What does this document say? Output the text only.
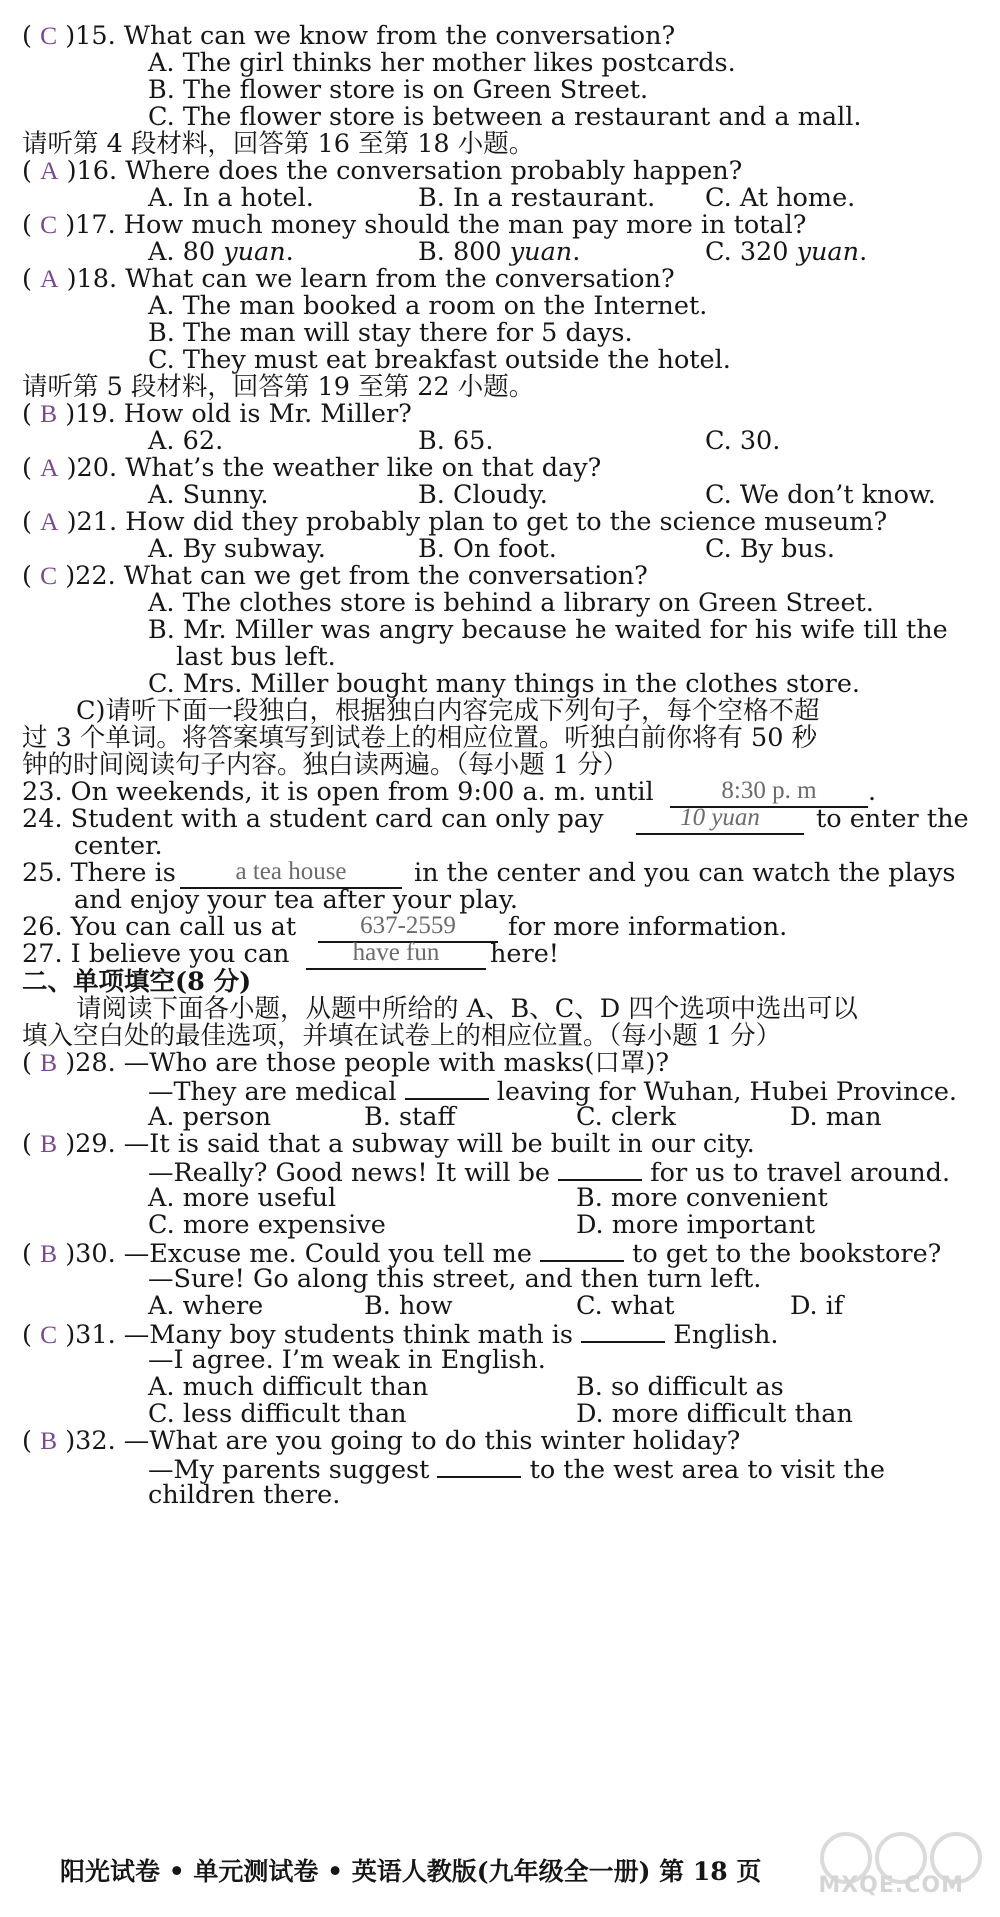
( C )15. What can we know from the conversation?
A. The girl thinks her mother likes postcards.
B. The flower store is on Green Street.
C. The flower store is between a restaurant and a mall.
请听第 4 段材料，回答第 16 至第 18 小题。
( A )16. Where does the conversation probably happen?
A. In a hotel.	B. In a restaurant. C. At home.
( C )17. How much money should the man pay more in total?
A. 80 yuan.	B. 800 yuan.	C. 320 yuan.
( A )18. What can we learn from the conversation?
A. The man booked a room on the Internet.
B. The man will stay there for 5 days.
C. They must eat breakfast outside the hotel.
请听第 5 段材料，回答第 19 至第 22 小题。
( B )19. How old is Mr. Miller?
A. 62.	B. 65.	C. 30.
( A )20. What’s the weather like on that day?
A. Sunny.	B. Cloudy.	C. We don’t know.
( A )21. How did they probably plan to get to the science museum?
A. By subway.	B. On foot.	C. By bus.
( C )22. What can we get from the conversation?
A. The clothes store is behind a library on Green Street.
B. Mr. Miller was angry because he waited for his wife till the
last bus left.
C. Mrs. Miller bought many things in the clothes store.
C)请听下面一段独白，根据独白内容完成下列句子，每个空格不超
过 3 个单词。将答案填写到试卷上的相应位置。听独白前你将有 50 秒
钟的时间阅读句子内容。独白读两遍。（每小题 1 分）
23. On weekends, it is open from 9:00 a. m. until	8:30 p. m	.
24. Student with a student card can only pay	10 yuan	to enter the
center.
25. There is	a tea house	in the center and you can watch the plays
and enjoy your tea after your play.
26. You can call us at	637-2559	for more information.
27. I believe you can	have fun	here!
二、单项填空(8 分)
请阅读下面各小题，从题中所给的 A、B、C、D 四个选项中选出可以
填入空白处的最佳选项，并填在试卷上的相应位置。（每小题 1 分）
( B )28. —Who are those people with masks(口罩)?
—They are medical	leaving for Wuhan, Hubei Province.
A. person	B. staff	C. clerk	D. man
( B )29. —It is said that a subway will be built in our city.
—Really? Good news! It will be	for us to travel around.
A. more useful	B. more convenient
C. more expensive	D. more important
( B )30. —Excuse me. Could you tell me	to get to the bookstore?
—Sure! Go along this street, and then turn left.
A. where	B. how	C. what	D. if
( C )31. —Many boy students think math is	English.
—I agree. I’m weak in English.
A. much difficult than	B. so difficult as
C. less difficult than	D. more difficult than
( B )32. —What are you going to do this winter holiday?
—My parents suggest	to the west area to visit the
children there.
阳光试卷 • 单元测试卷 • 英语人教版(九年级全一册) 第 18 页	MXQE.COM
